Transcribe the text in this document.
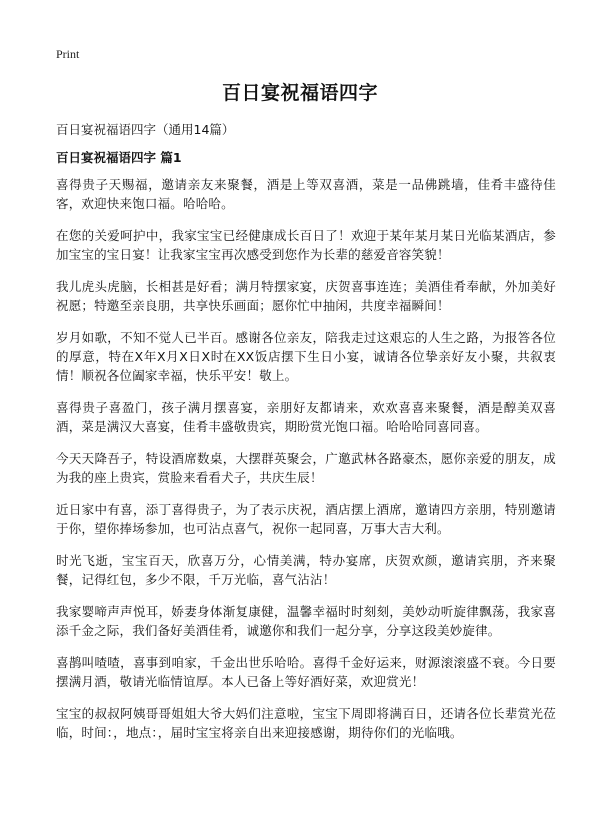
Print
百日宴祝福语四字
百日宴祝福语四字（通用14篇）
百日宴祝福语四字 篇1

喜得贵子天赐福，邀请亲友来聚餐，酒是上等双喜酒，菜是一品佛跳墙，佳肴丰盛待佳客，欢迎快来饱口福。哈哈哈。

在您的关爱呵护中，我家宝宝已经健康成长百日了！欢迎于某年某月某日光临某酒店，参加宝宝的宝日宴！让我家宝宝再次感受到您作为长辈的慈爱音容笑貌！

我儿虎头虎脑，长相甚是好看；满月特摆家宴，庆贺喜事连连；美酒佳肴奉献，外加美好祝愿；特邀至亲良朋，共享快乐画面；愿你忙中抽闲，共度幸福瞬间！

岁月如歌，不知不觉人已半百。感谢各位亲友，陪我走过这艰忘的人生之路，为报答各位的厚意，特在X年X月X日X时在XX饭店摆下生日小宴，诚请各位挚亲好友小聚，共叙衷情！顺祝各位阖家幸福，快乐平安！敬上。

喜得贵子喜盈门，孩子满月摆喜宴，亲朋好友都请来，欢欢喜喜来聚餐，酒是醇美双喜酒，菜是满汉大喜宴，佳肴丰盛敬贵宾，期盼赏光饱口福。哈哈哈同喜同喜。

今天天降吾子，特设酒席数桌，大摆群英聚会，广邀武林各路豪杰，愿你亲爱的朋友，成为我的座上贵宾，赏脸来看看犬子，共庆生辰！

近日家中有喜，添丁喜得贵子，为了表示庆祝，酒店摆上酒席，邀请四方亲朋，特别邀请于你，望你捧场参加，也可沾点喜气，祝你一起同喜，万事大吉大利。

时光飞逝，宝宝百天，欣喜万分，心情美满，特办宴席，庆贺欢颜，邀请宾朋，齐来聚餐，记得红包，多少不限，千万光临，喜气沾沾！

我家婴啼声声悦耳，娇妻身体渐复康健，温馨幸福时时刻刻，美妙动听旋律飘荡，我家喜添千金之际，我们备好美酒佳肴，诚邀你和我们一起分享，分享这段美妙旋律。

喜鹊叫喳喳，喜事到咱家，千金出世乐哈哈。喜得千金好运来，财源滚滚盛不衰。今日要摆满月酒，敬请光临情谊厚。本人已备上等好酒好菜，欢迎赏光！

宝宝的叔叔阿姨哥哥姐姐大爷大妈们注意啦，宝宝下周即将满百日，还请各位长辈赏光莅临，时间：，地点：，届时宝宝将亲自出来迎接感谢，期待你们的光临哦。
